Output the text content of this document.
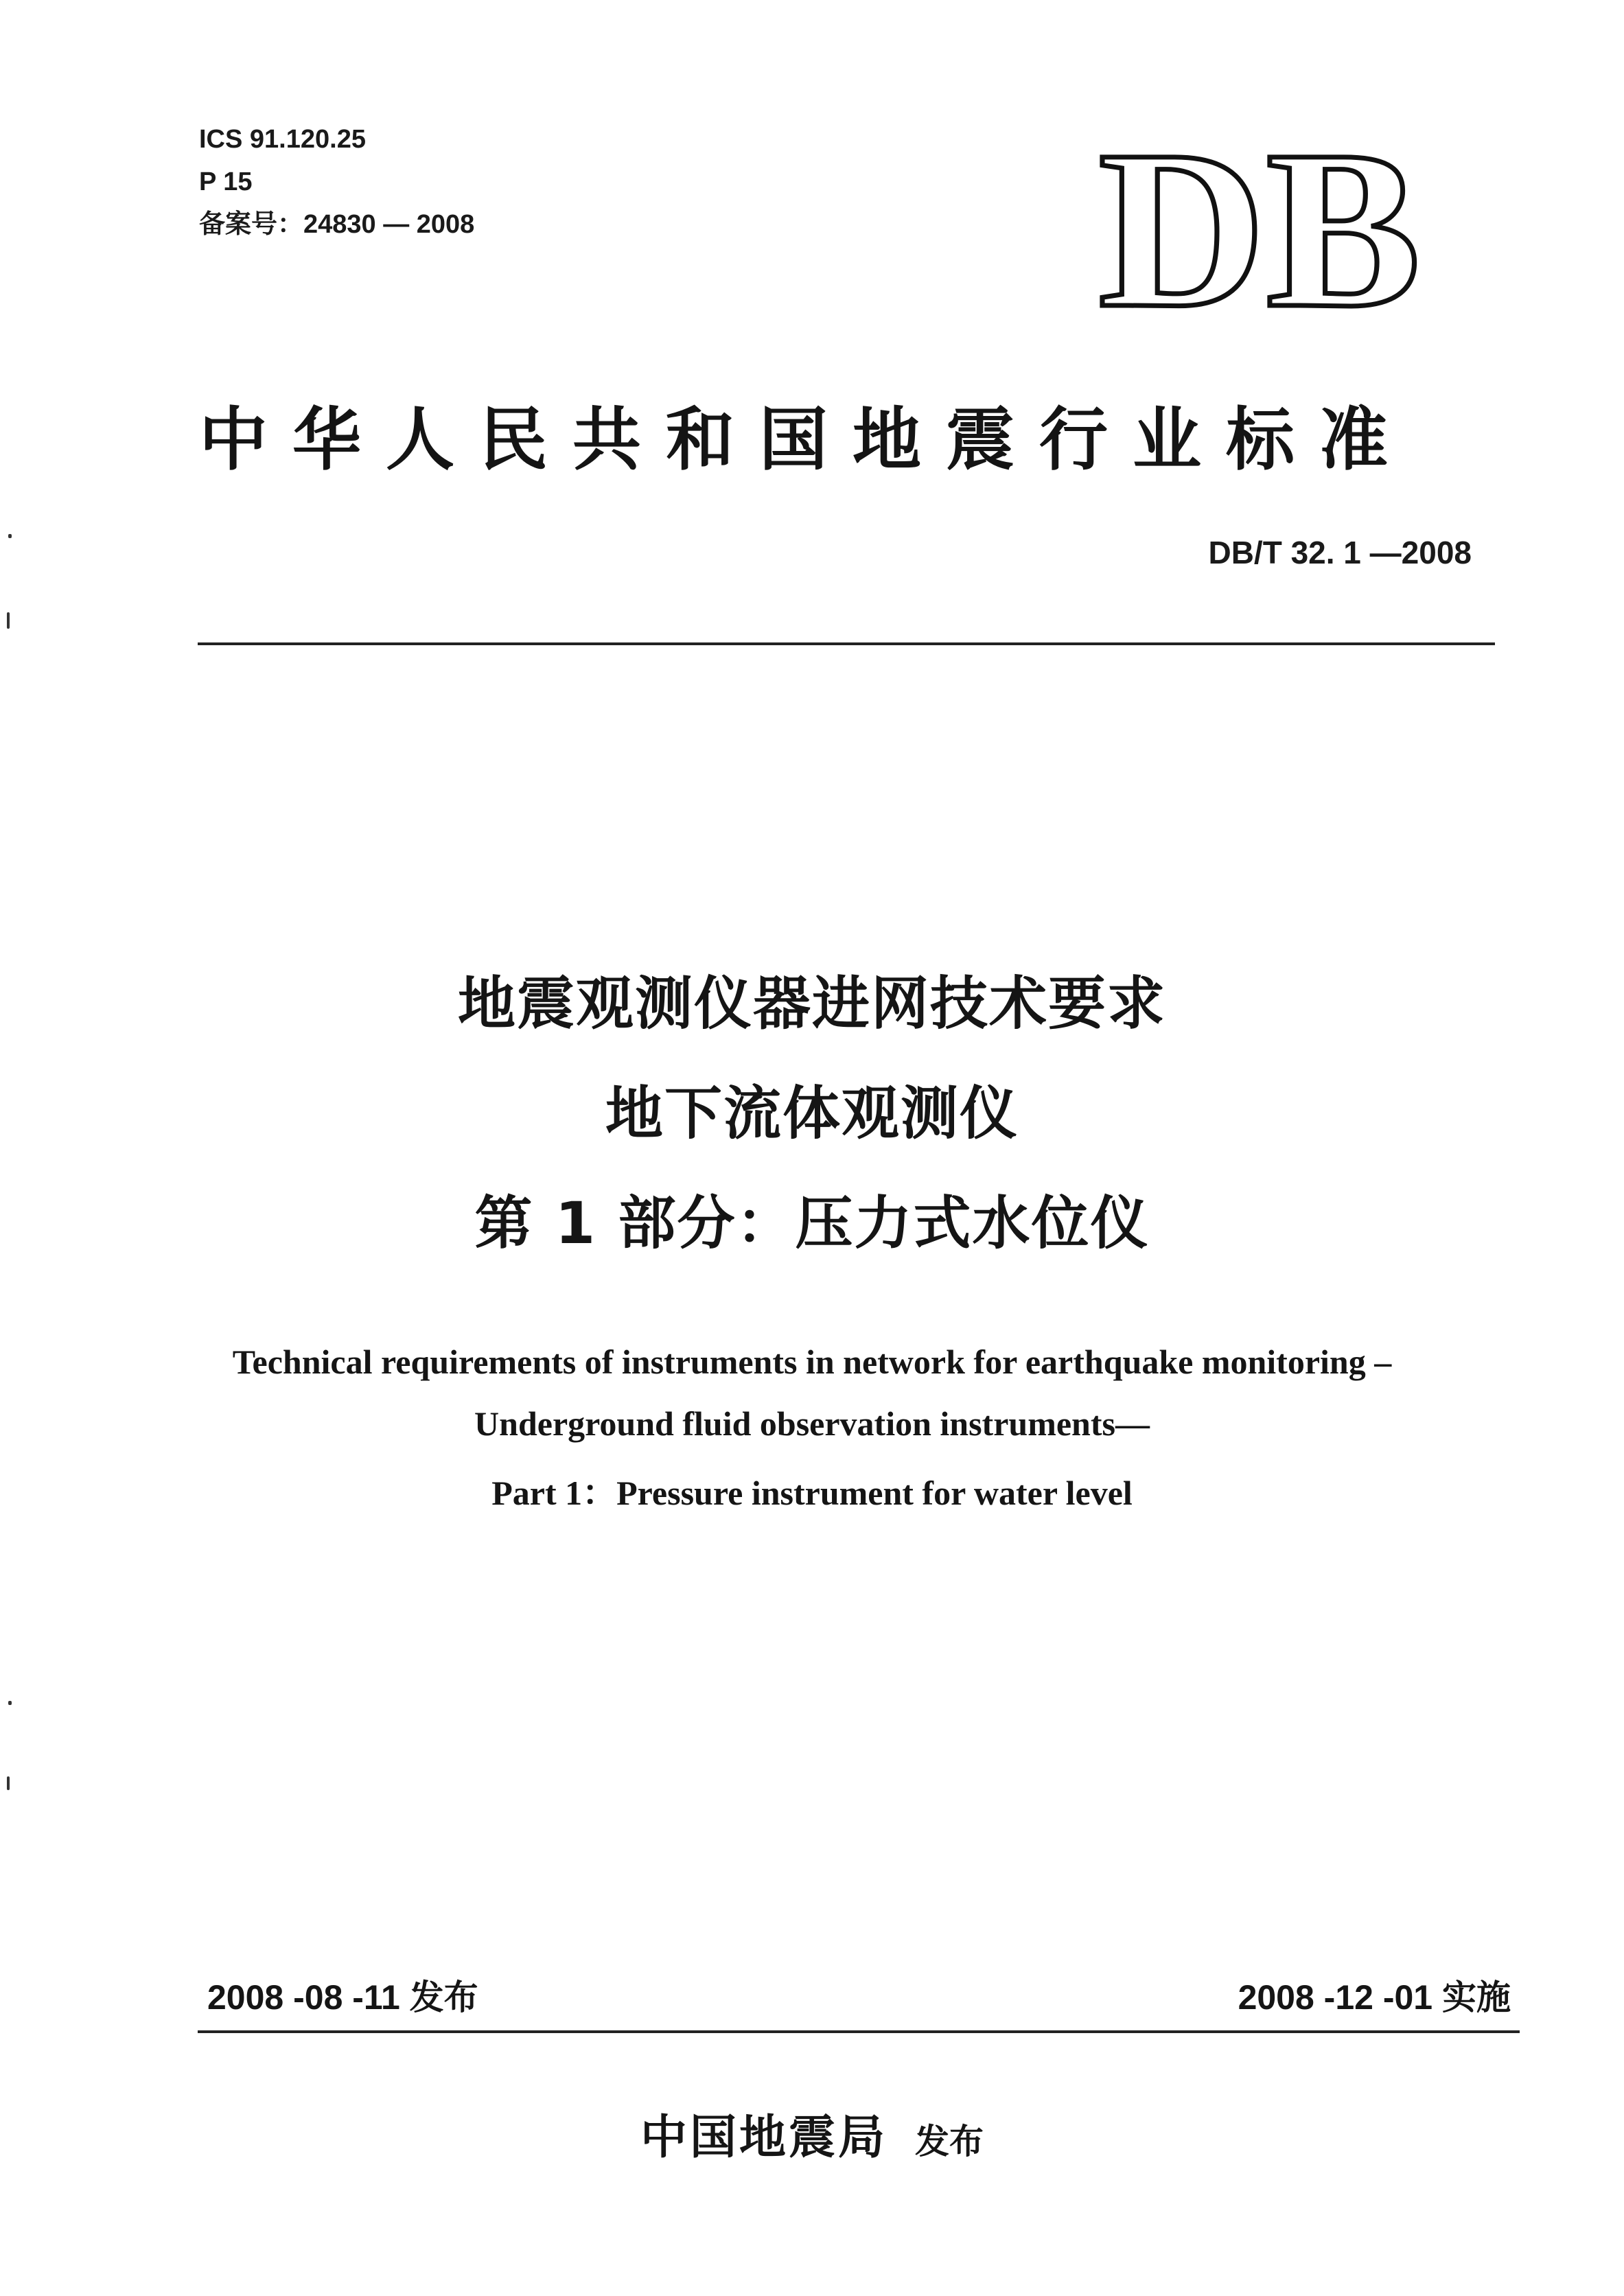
ICS 91.120.25
P 15
备案号：24830 — 2008	DB
中华人民共和国地震行业标准
DB/T 32. 1 —2008
地震观测仪器进网技术要求
地下流体观测仪
第 1 部分：压力式水位仪
Technical requirements of instruments in network for earthquake monitoring –
Underground fluid observation instruments—
Part 1：Pressure instrument for water level
2008 -08 -11 发布	2008 -12 -01 实施
中国地震局 发布
